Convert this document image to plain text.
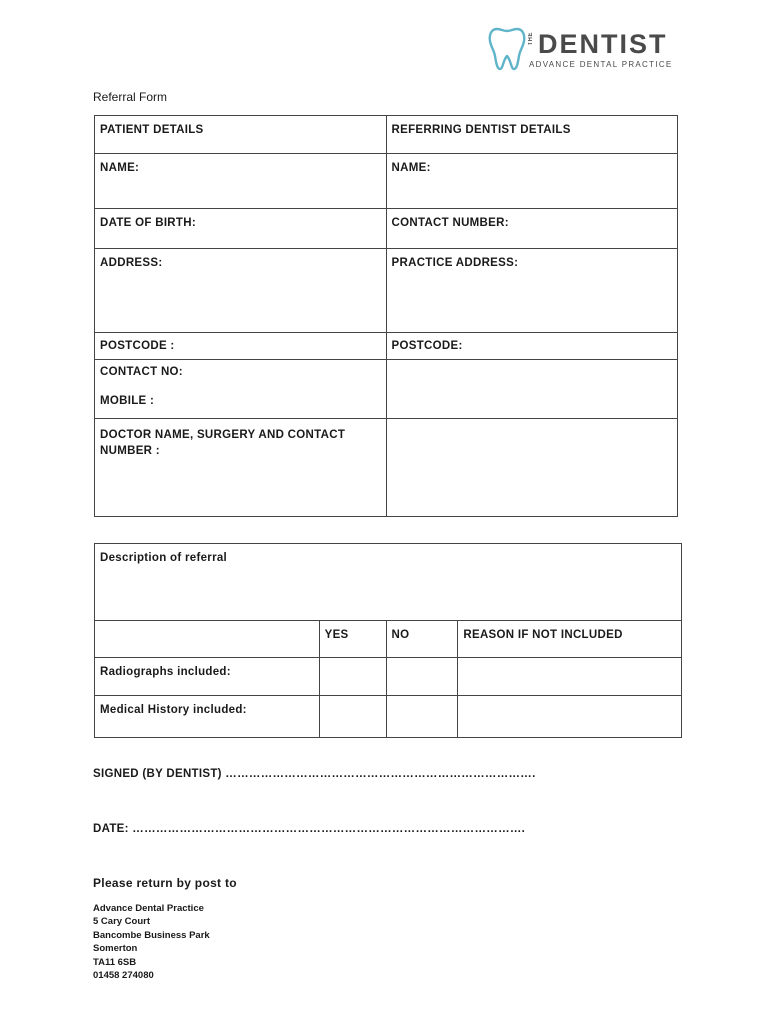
THE DENTIST
ADVANCE DENTAL PRACTICE
Referral Form
PATIENT DETAILS	REFERRING DENTIST DETAILS
NAME:	NAME:
DATE OF BIRTH:	CONTACT NUMBER:
ADDRESS:	PRACTICE ADDRESS:
POSTCODE :	POSTCODE:

CONTACT NO:
MOBILE :	

DOCTOR NAME, SURGERY AND CONTACT NUMBER :	
Description of referral			
	YES	NO	REASON IF NOT INCLUDED
Radiographs included:			
Medical History included:			
SIGNED (BY DENTIST) …………………………………………………………………….
DATE: ……………………………………………………………………………………….
Please return by post to
Advance Dental Practice
5 Cary Court
Bancombe Business Park
Somerton
TA11 6SB
01458 274080
